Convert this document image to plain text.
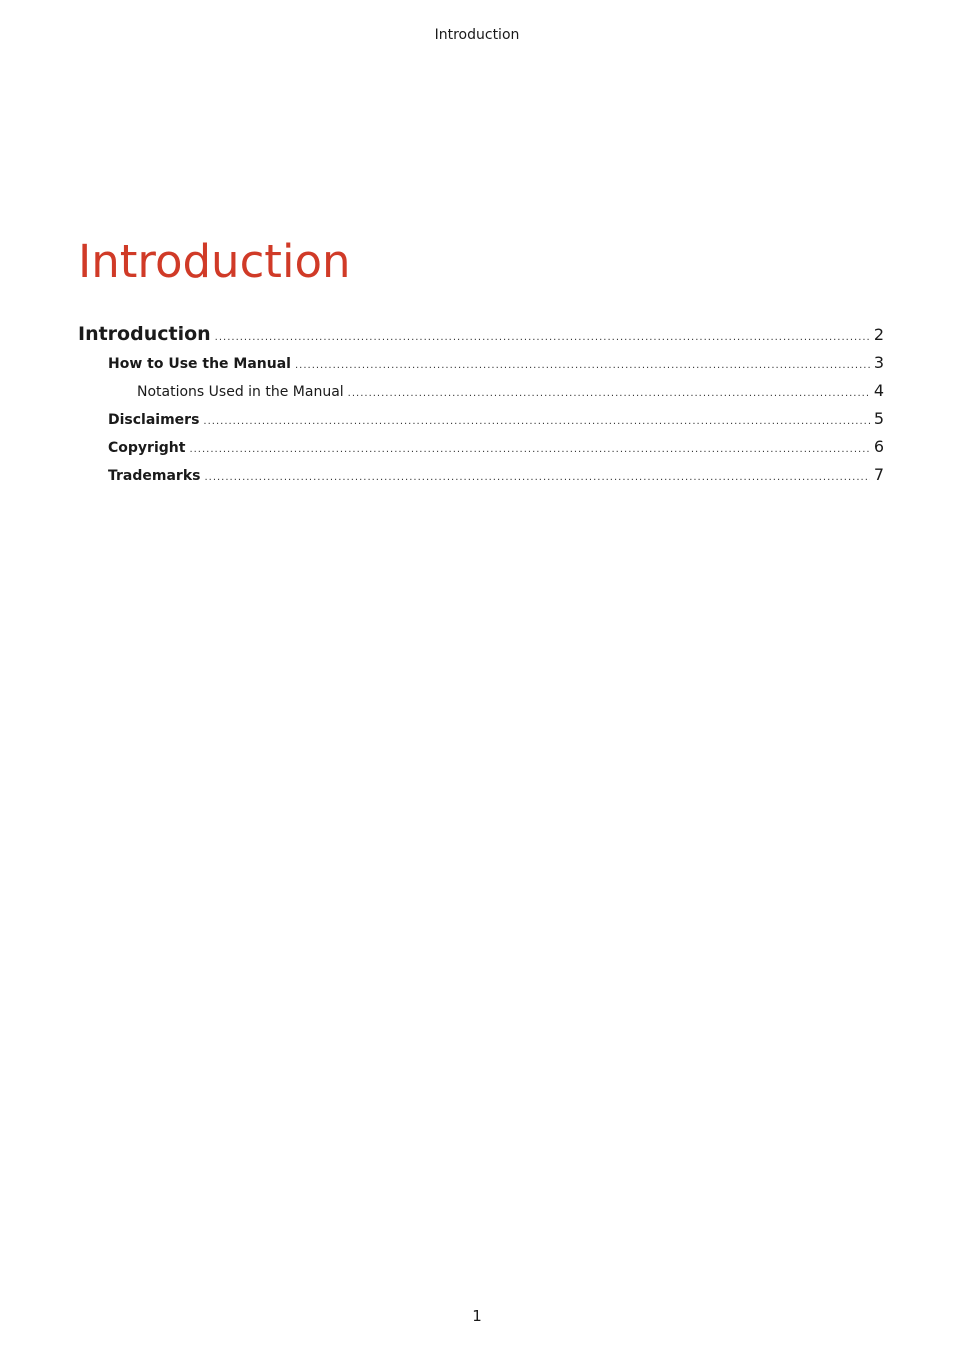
Introduction
Introduction
Introduction .....	2
How to Use the Manual .....	3
Notations Used in the Manual .....	4
Disclaimers .....	5
Copyright .....	6
Trademarks .....	7
1
